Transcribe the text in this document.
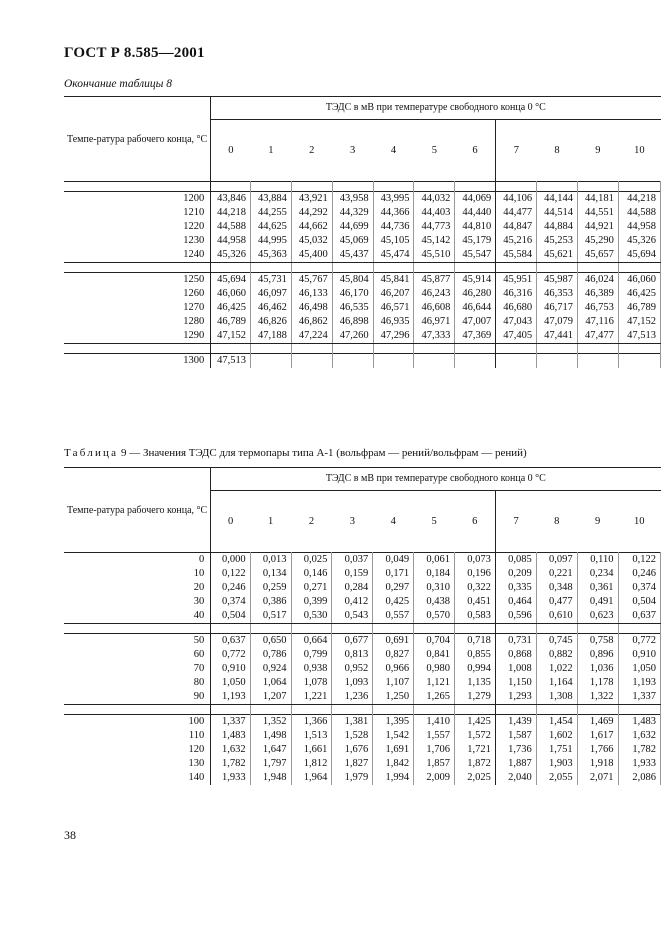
ГОСТ Р 8.585—2001
Окончание таблицы 8
Темпе-ратура рабочего конца, °C	ТЭДС в мВ при температуре свободного конца 0 °C										
	0	1	2	3	4	5	6	7	8	9	10

1200	43,846	43,884	43,921	43,958	43,995	44,032	44,069	44,106	44,144	44,181	44,218
1210	44,218	44,255	44,292	44,329	44,366	44,403	44,440	44,477	44,514	44,551	44,588
1220	44,588	44,625	44,662	44,699	44,736	44,773	44,810	44,847	44,884	44,921	44,958
1230	44,958	44,995	45,032	45,069	45,105	45,142	45,179	45,216	45,253	45,290	45,326
1240	45,326	45,363	45,400	45,437	45,474	45,510	45,547	45,584	45,621	45,657	45,694

1250	45,694	45,731	45,767	45,804	45,841	45,877	45,914	45,951	45,987	46,024	46,060
1260	46,060	46,097	46,133	46,170	46,207	46,243	46,280	46,316	46,353	46,389	46,425
1270	46,425	46,462	46,498	46,535	46,571	46,608	46,644	46,680	46,717	46,753	46,789
1280	46,789	46,826	46,862	46,898	46,935	46,971	47,007	47,043	47,079	47,116	47,152
1290	47,152	47,188	47,224	47,260	47,296	47,333	47,369	47,405	47,441	47,477	47,513

1300	47,513										
Таблица 9 — Значения ТЭДС для термопары типа А-1 (вольфрам — рений/вольфрам — рений)
Темпе-ратура рабочего конца, °C	ТЭДС в мВ при температуре свободного конца 0 °C										
	0	1	2	3	4	5	6	7	8	9	10
0	0,000	0,013	0,025	0,037	0,049	0,061	0,073	0,085	0,097	0,110	0,122
10	0,122	0,134	0,146	0,159	0,171	0,184	0,196	0,209	0,221	0,234	0,246
20	0,246	0,259	0,271	0,284	0,297	0,310	0,322	0,335	0,348	0,361	0,374
30	0,374	0,386	0,399	0,412	0,425	0,438	0,451	0,464	0,477	0,491	0,504
40	0,504	0,517	0,530	0,543	0,557	0,570	0,583	0,596	0,610	0,623	0,637

50	0,637	0,650	0,664	0,677	0,691	0,704	0,718	0,731	0,745	0,758	0,772
60	0,772	0,786	0,799	0,813	0,827	0,841	0,855	0,868	0,882	0,896	0,910
70	0,910	0,924	0,938	0,952	0,966	0,980	0,994	1,008	1,022	1,036	1,050
80	1,050	1,064	1,078	1,093	1,107	1,121	1,135	1,150	1,164	1,178	1,193
90	1,193	1,207	1,221	1,236	1,250	1,265	1,279	1,293	1,308	1,322	1,337

100	1,337	1,352	1,366	1,381	1,395	1,410	1,425	1,439	1,454	1,469	1,483
110	1,483	1,498	1,513	1,528	1,542	1,557	1,572	1,587	1,602	1,617	1,632
120	1,632	1,647	1,661	1,676	1,691	1,706	1,721	1,736	1,751	1,766	1,782
130	1,782	1,797	1,812	1,827	1,842	1,857	1,872	1,887	1,903	1,918	1,933
140	1,933	1,948	1,964	1,979	1,994	2,009	2,025	2,040	2,055	2,071	2,086
38
